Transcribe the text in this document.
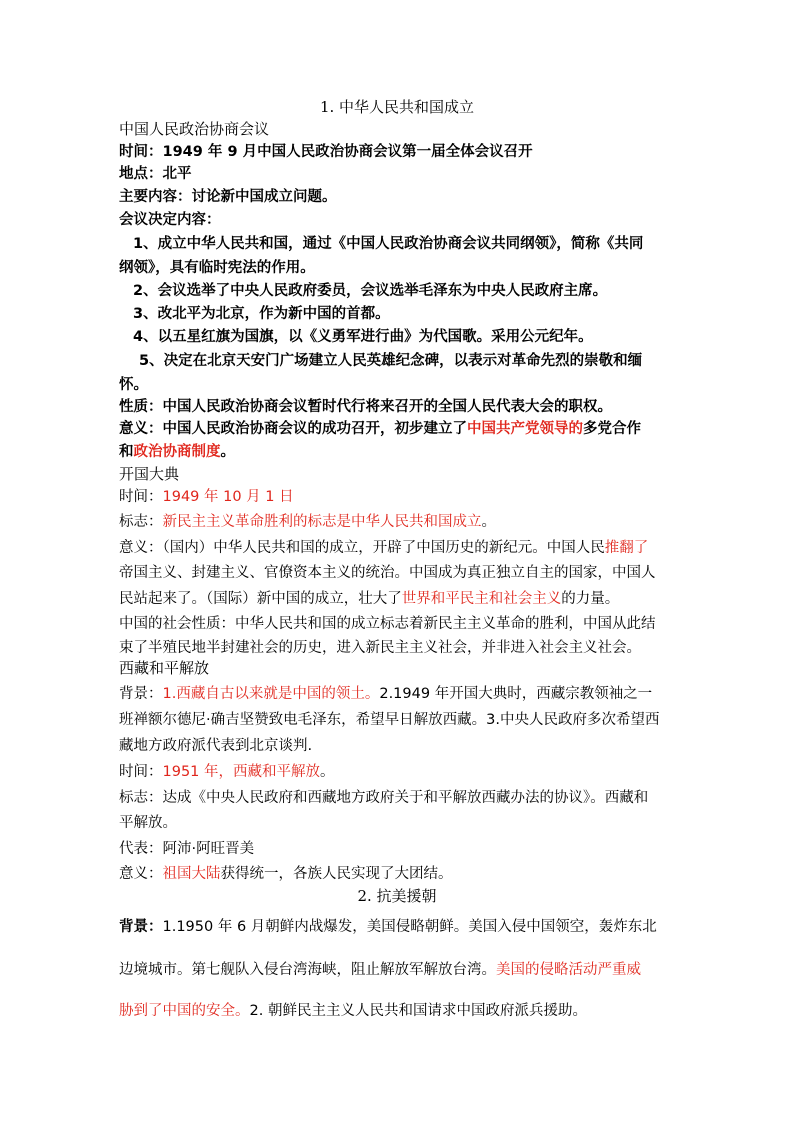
1. 中华人民共和国成立
中国人民政治协商会议
时间：1949 年 9 月中国人民政治协商会议第一届全体会议召开
地点：北平
主要内容：讨论新中国成立问题。
会议决定内容：
1、成立中华人民共和国，通过《中国人民政治协商会议共同纲领》，简称《共同
纲领》，具有临时宪法的作用。
2、会议选举了中央人民政府委员，会议选举毛泽东为中央人民政府主席。
3、改北平为北京，作为新中国的首都。
4、以五星红旗为国旗，以《义勇军进行曲》为代国歌。采用公元纪年。
5、决定在北京天安门广场建立人民英雄纪念碑，以表示对革命先烈的崇敬和缅
怀。
性质：中国人民政治协商会议暂时代行将来召开的全国人民代表大会的职权。
意义：中国人民政治协商会议的成功召开，初步建立了中国共产党领导的多党合作
和政治协商制度。
开国大典
时间：1949 年 10 月 1 日
标志：新民主主义革命胜利的标志是中华人民共和国成立。
意义：（国内）中华人民共和国的成立，开辟了中国历史的新纪元。中国人民推翻了
帝国主义、封建主义、官僚资本主义的统治。中国成为真正独立自主的国家，中国人
民站起来了。（国际）新中国的成立，壮大了世界和平民主和社会主义的力量。
中国的社会性质：中华人民共和国的成立标志着新民主主义革命的胜利，中国从此结
束了半殖民地半封建社会的历史，进入新民主主义社会，并非进入社会主义社会。
西藏和平解放
背景：1.西藏自古以来就是中国的领土。2.1949 年开国大典时，西藏宗教领袖之一
班禅额尔德尼·确吉坚赞致电毛泽东，希望早日解放西藏。3.中央人民政府多次希望西
藏地方政府派代表到北京谈判.
时间：1951 年，西藏和平解放。
标志：达成《中央人民政府和西藏地方政府关于和平解放西藏办法的协议》。西藏和
平解放。
代表：阿沛·阿旺晋美
意义：祖国大陆获得统一，各族人民实现了大团结。
2. 抗美援朝
背景：1.1950 年 6 月朝鲜内战爆发，美国侵略朝鲜。美国入侵中国领空，轰炸东北
边境城市。第七舰队入侵台湾海峡，阻止解放军解放台湾。美国的侵略活动严重威
胁到了中国的安全。2. 朝鲜民主主义人民共和国请求中国政府派兵援助。
